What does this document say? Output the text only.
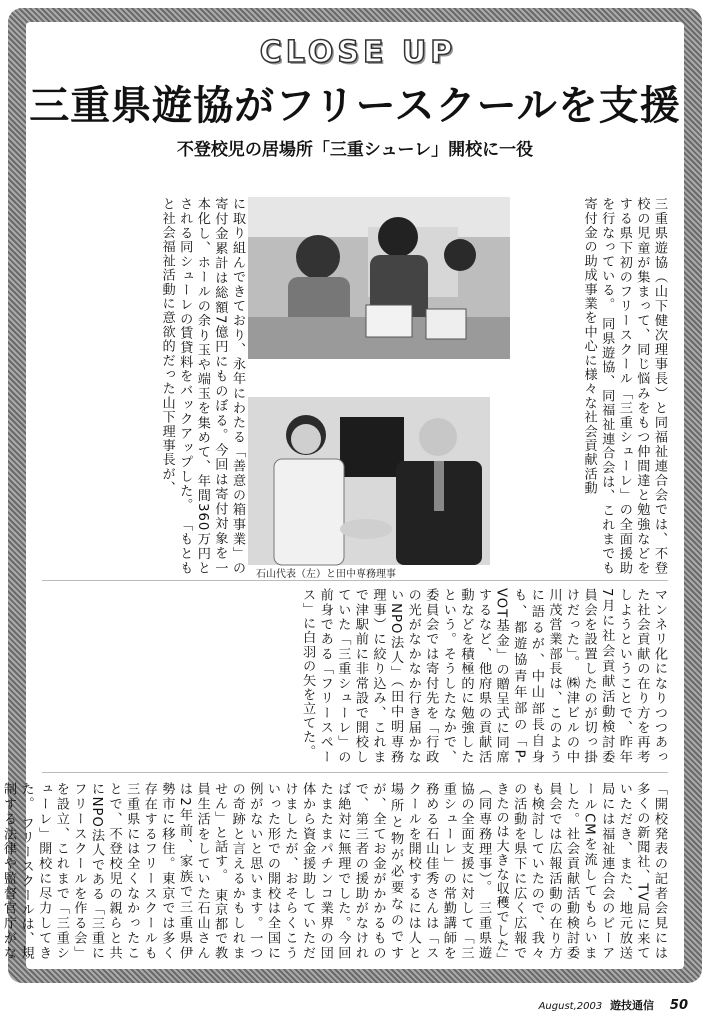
CLOSE UP
三重県遊協がフリースクールを支援
不登校児の居場所「三重シューレ」開校に一役
三重県遊協（山下健次理事長）と同福祉連合会では、不登校の児童が集まって、同じ悩みをもつ仲間達と勉強などをする県下初のフリースクール「三重シューレ」の全面援助を行なっている。 同県遊協、同福祉連合会は、これまでも寄付金の助成事業を中心に様々な社会貢献活動
石山代表（左）と田中専務理事
に取り組んできており、永年にわたる「善意の箱事業」の寄付金累計は総額7億円にものぼる。今回は寄付対象を一本化し、ホールの余り玉や端玉を集めて、年間360万円とされる同シューレの賃貸料をバックアップした。 「もともと社会福祉活動に意欲的だった山下理事長が、
マンネリ化になりつつあった社会貢献の在り方を再考しようということで、昨年7月に社会貢献活動検討委員会を設置したのが切っ掛けだった」。 ㈱津ビルの中川茂営業部長は、このように語るが、中山部長自身も、都遊協青年部の「P-VOT基金」の贈呈式に同席するなど、他府県の貢献活動などを積極的に勉強したという。そうしたなかで、委員会では寄付先を「行政の光がなかなか行き届かないNPO法人」（田中明専務理事）に絞り込み、これまで津駅前に非常設で開校していた「三重シューレ」の前身である「フリースペース」に白羽の矢を立てた。
「開校発表の記者会見には多くの新聞社、TV局に来ていただき、また、地元放送局には福祉連合会のピーアールCMを流してもらいました。社会貢献活動検討委員会では広報活動の在り方も検討していたので、我々の活動を県下に広く広報できたのは大きな収穫でした」（同専務理事）。 三重県遊協の全面支援に対して「三重シューレ」の常勤講師を務める石山佳秀さんは「スクールを開校するには人と場所と物が必要なのですが、全てお金がかかるもので、第三者の援助がなければ絶対に無理でした。今回たまたまパチンコ業界の団体から資金援助していただけましたが、おそらくこういった形での開校は全国に例がないと思います。一つの奇跡と言えるかもしれません」と話す。 東京都で教員生活をしていた石山さんは2年前、家族で三重県伊勢市に移住。東京では多く存在するフリースクールも三重県には全くなかったことで、不登校児の親らと共にNPO法人である「三重にフリースクールを作る会」を設立、これまで「三重シューレ」開校に尽力してきた。 フリースクールは、規制する法律や監督官庁がな
August,2003 遊技通信 50
